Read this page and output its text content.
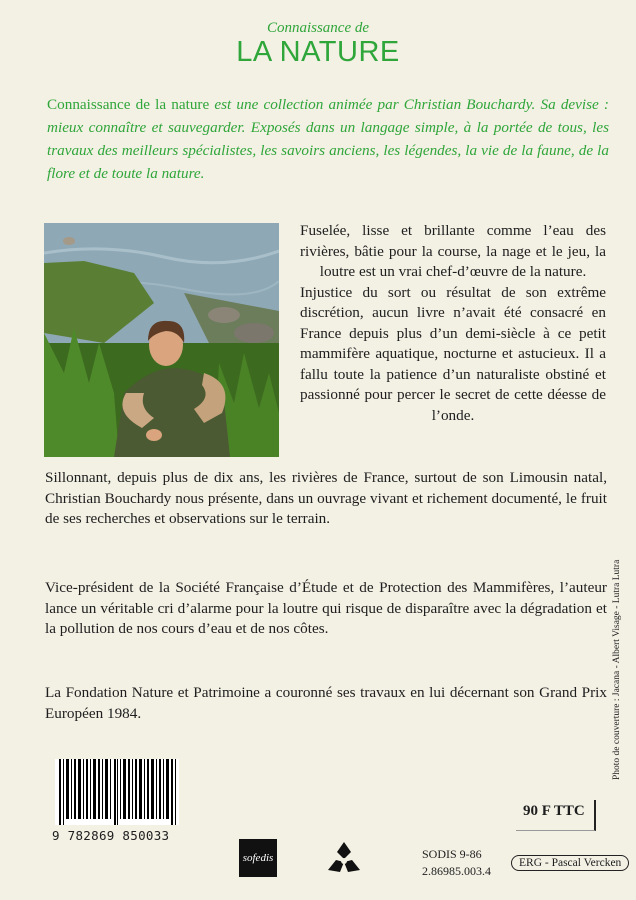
Connaissance de
LA NATURE
Connaissance de la nature est une collection animée par Christian Bouchardy. Sa devise : mieux connaître et sauvegarder. Exposés dans un langage simple, à la portée de tous, les travaux des meilleurs spécialistes, les savoirs anciens, les légendes, la vie de la faune, de la flore et de toute la nature.

Fuselée, lisse et brillante comme l’eau des rivières, bâtie pour la course, la nage et le jeu, la loutre est un vrai chef-d’œuvre de la nature.

Injustice du sort ou résultat de son extrême discrétion, aucun livre n’avait été consacré en France depuis plus d’un demi-siècle à ce petit mammifère aquatique, nocturne et astucieux. Il a fallu toute la patience d’un naturaliste obstiné et passionné pour percer le secret de cette déesse de l’onde.

Sillonnant, depuis plus de dix ans, les rivières de France, surtout de son Limousin natal, Christian Bouchardy nous présente, dans un ouvrage vivant et richement documenté, le fruit de ses recherches et observations sur le terrain.

Vice-président de la Société Française d’Étude et de Protection des Mammifères, l’auteur lance un véritable cri d’alarme pour la loutre qui risque de disparaître avec la dégradation et la pollution de nos cours d’eau et de nos côtes.

La Fondation Nature et Patrimoine a couronné ses travaux en lui décernant son Grand Prix Européen 1984.	Photo de couverture : Jacana - Albert Visage - Lutra Lutra
9 782869 850033
90 F TTC
sofedis	SODIS 9-86
2.86985.003.4
ERG - Pascal Vercken
